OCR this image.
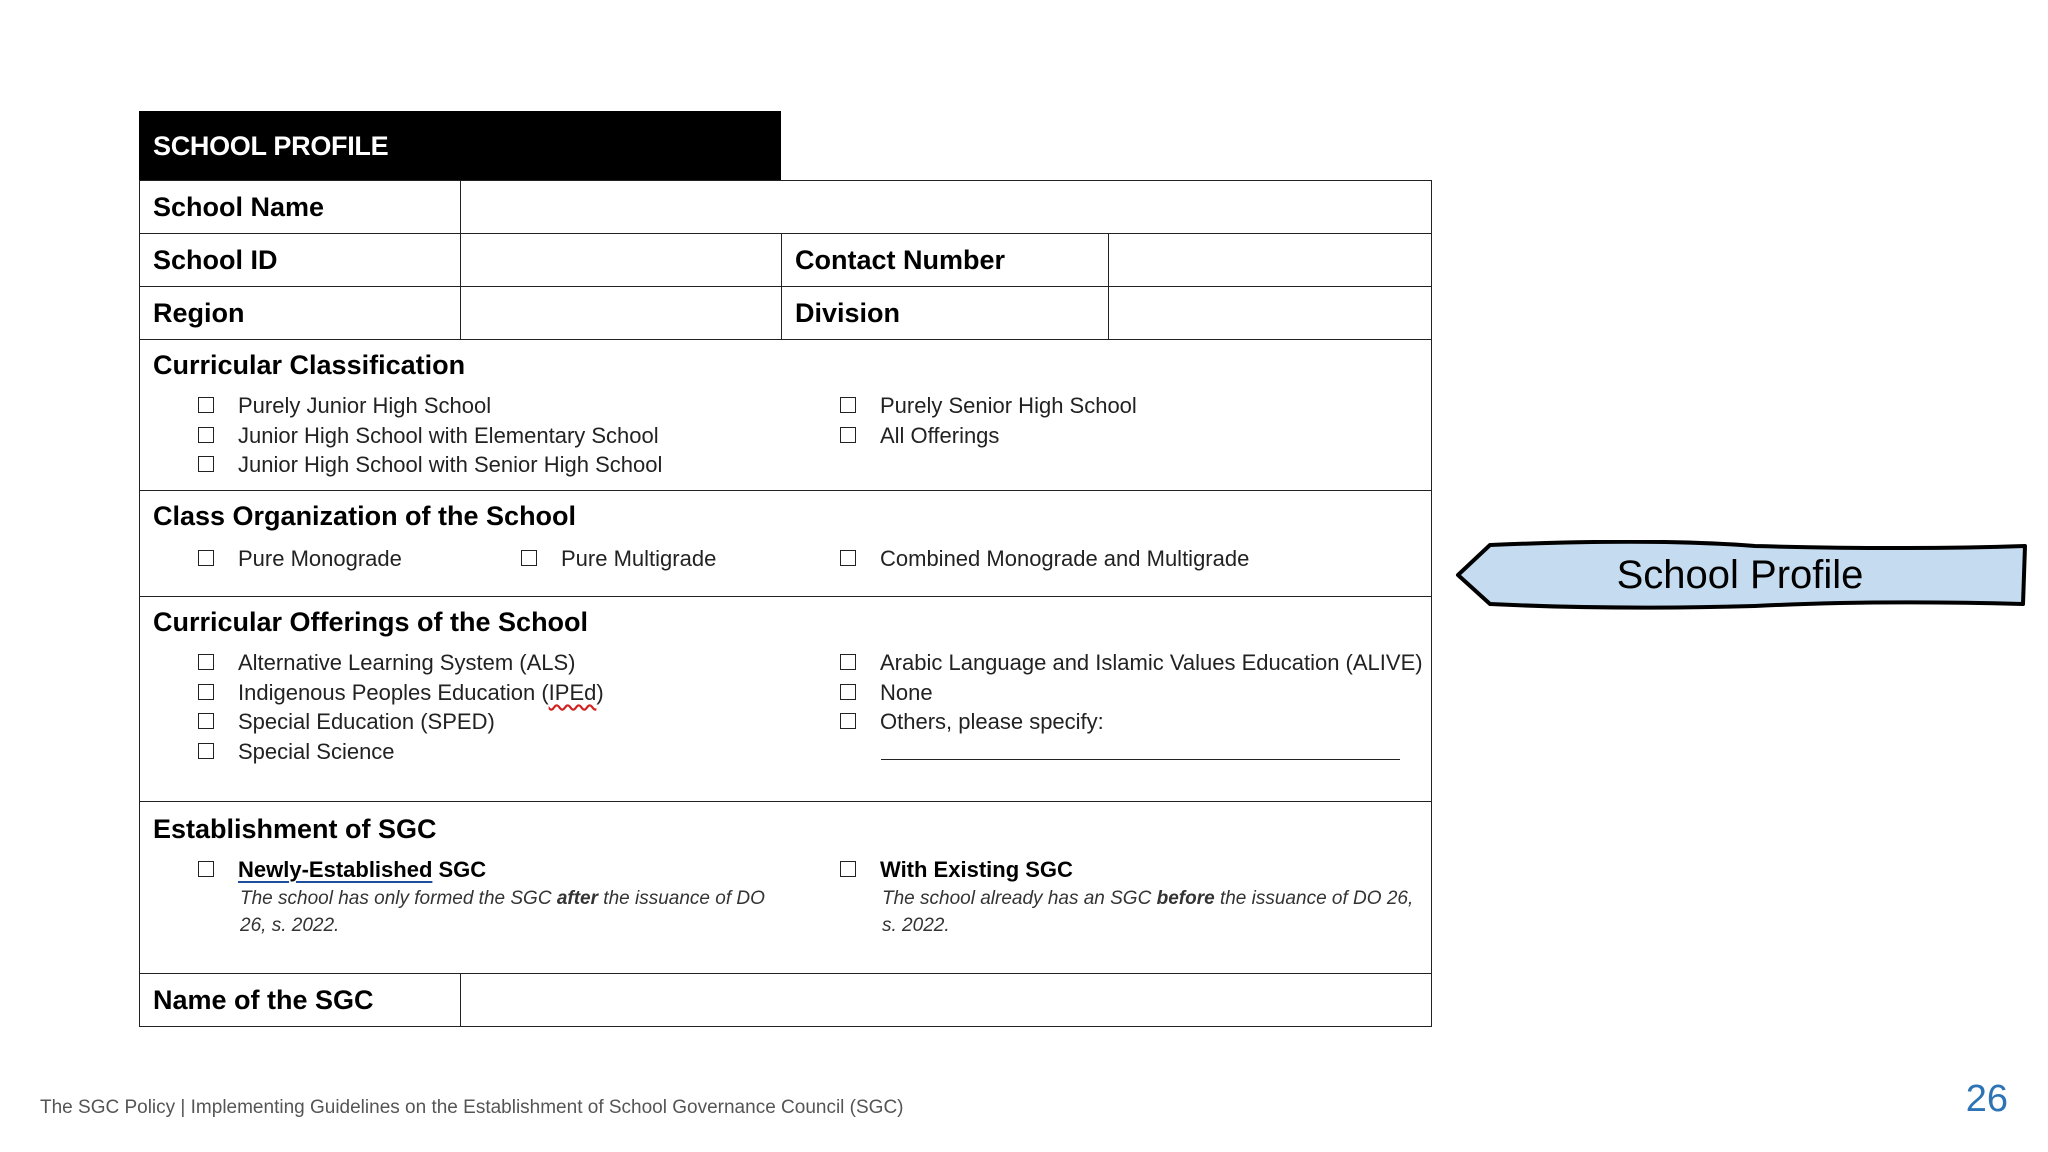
SCHOOL PROFILE
School Name
School ID	Contact Number
Region	Division
Curricular Classification
Purely Junior High School
Junior High School with Elementary School
Junior High School with Senior High School
Purely Senior High School
All Offerings
Class Organization of the School
Pure Monograde	Pure Multigrade	Combined Monograde and Multigrade
Curricular Offerings of the School
Alternative Learning System (ALS)
Indigenous Peoples Education (IPEd)
Special Education (SPED)
Special Science
Arabic Language and Islamic Values Education (ALIVE)
None
Others, please specify:
Establishment of SGC
Newly-Established SGC
The school has only formed the SGC after the issuance of DO
26, s. 2022.
With Existing SGC
The school already has an SGC before the issuance of DO 26,
s. 2022.
Name of the SGC
School Profile
The SGC Policy | Implementing Guidelines on the Establishment of School Governance Council (SGC)	26
